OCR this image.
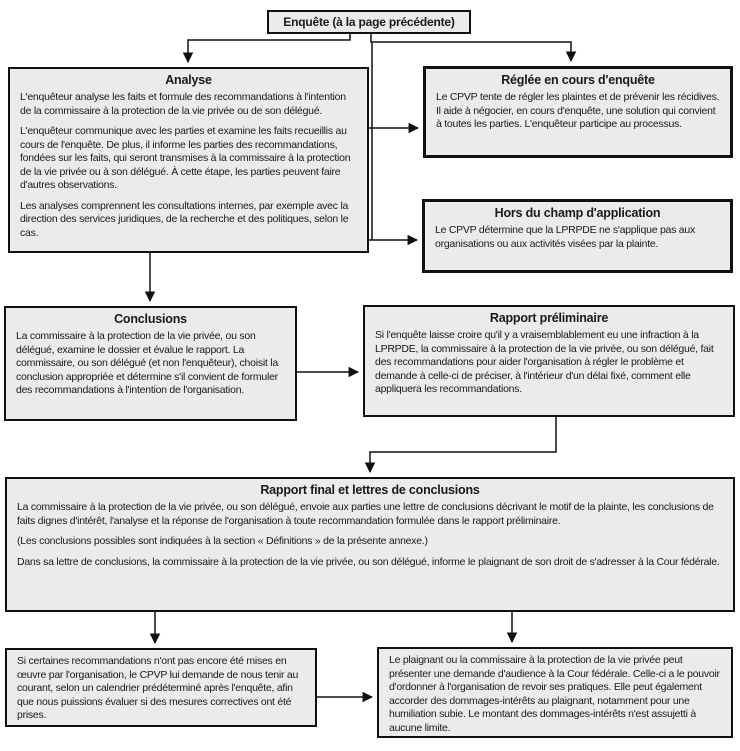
Enquête (à la page précédente)
Analyse

L'enquêteur analyse les faits et formule des recommandations à l'intention de la commissaire à la protection de la vie privée ou de son délégué.

L'enquêteur communique avec les parties et examine les faits recueillis au cours de l'enquête. De plus, il informe les parties des recommandations, fondées sur les faits, qui seront transmises à la commissaire à la protection de la vie privée ou à son délégué. À cette étape, les parties peuvent faire d'autres observations.

Les analyses comprennent les consultations internes, par exemple avec la direction des services juridiques, de la recherche et des politiques, selon le cas.

Réglée en cours d'enquête

Le CPVP tente de régler les plaintes et de prévenir les récidives. Il aide à négocier, en cours d'enquête, une solution qui convient à toutes les parties. L'enquêteur participe au processus.

Hors du champ d'application

Le CPVP détermine que la LPRPDE ne s'applique pas aux organisations ou aux activités visées par la plainte.

Conclusions

La commissaire à la protection de la vie privée, ou son délégué, examine le dossier et évalue le rapport. La commissaire, ou son délégué (et non l'enquêteur), choisit la conclusion appropriée et détermine s'il convient de formuler des recommandations à l'intention de l'organisation.

Rapport préliminaire

Si l'enquête laisse croire qu'il y a vraisemblablement eu une infraction à la LPRPDE, la commissaire à la protection de la vie privée, ou son délégué, fait des recommandations pour aider l'organisation à régler le problème et demande à celle-ci de préciser, à l'intérieur d'un délai fixé, comment elle appliquera les recommandations.

Rapport final et lettres de conclusions

La commissaire à la protection de la vie privée, ou son délégué, envoie aux parties une lettre de conclusions décrivant le motif de la plainte, les conclusions de faits dignes d'intérêt, l'analyse et la réponse de l'organisation à toute recommandation formulée dans le rapport préliminaire.

(Les conclusions possibles sont indiquées à la section « Définitions » de la présente annexe.)

Dans sa lettre de conclusions, la commissaire à la protection de la vie privée, ou son délégué, informe le plaignant de son droit de s'adresser à la Cour fédérale.

Si certaines recommandations n'ont pas encore été mises en œuvre par l'organisation, le CPVP lui demande de nous tenir au courant, selon un calendrier prédéterminé après l'enquête, afin que nous puissions évaluer si des mesures correctives ont été prises.

Le plaignant ou la commissaire à la protection de la vie privée peut présenter une demande d'audience à la Cour fédérale. Celle-ci a le pouvoir d'ordonner à l'organisation de revoir ses pratiques. Elle peut également accorder des dommages-intérêts au plaignant, notamment pour une humiliation subie. Le montant des dommages-intérêts n'est assujetti à aucune limite.
